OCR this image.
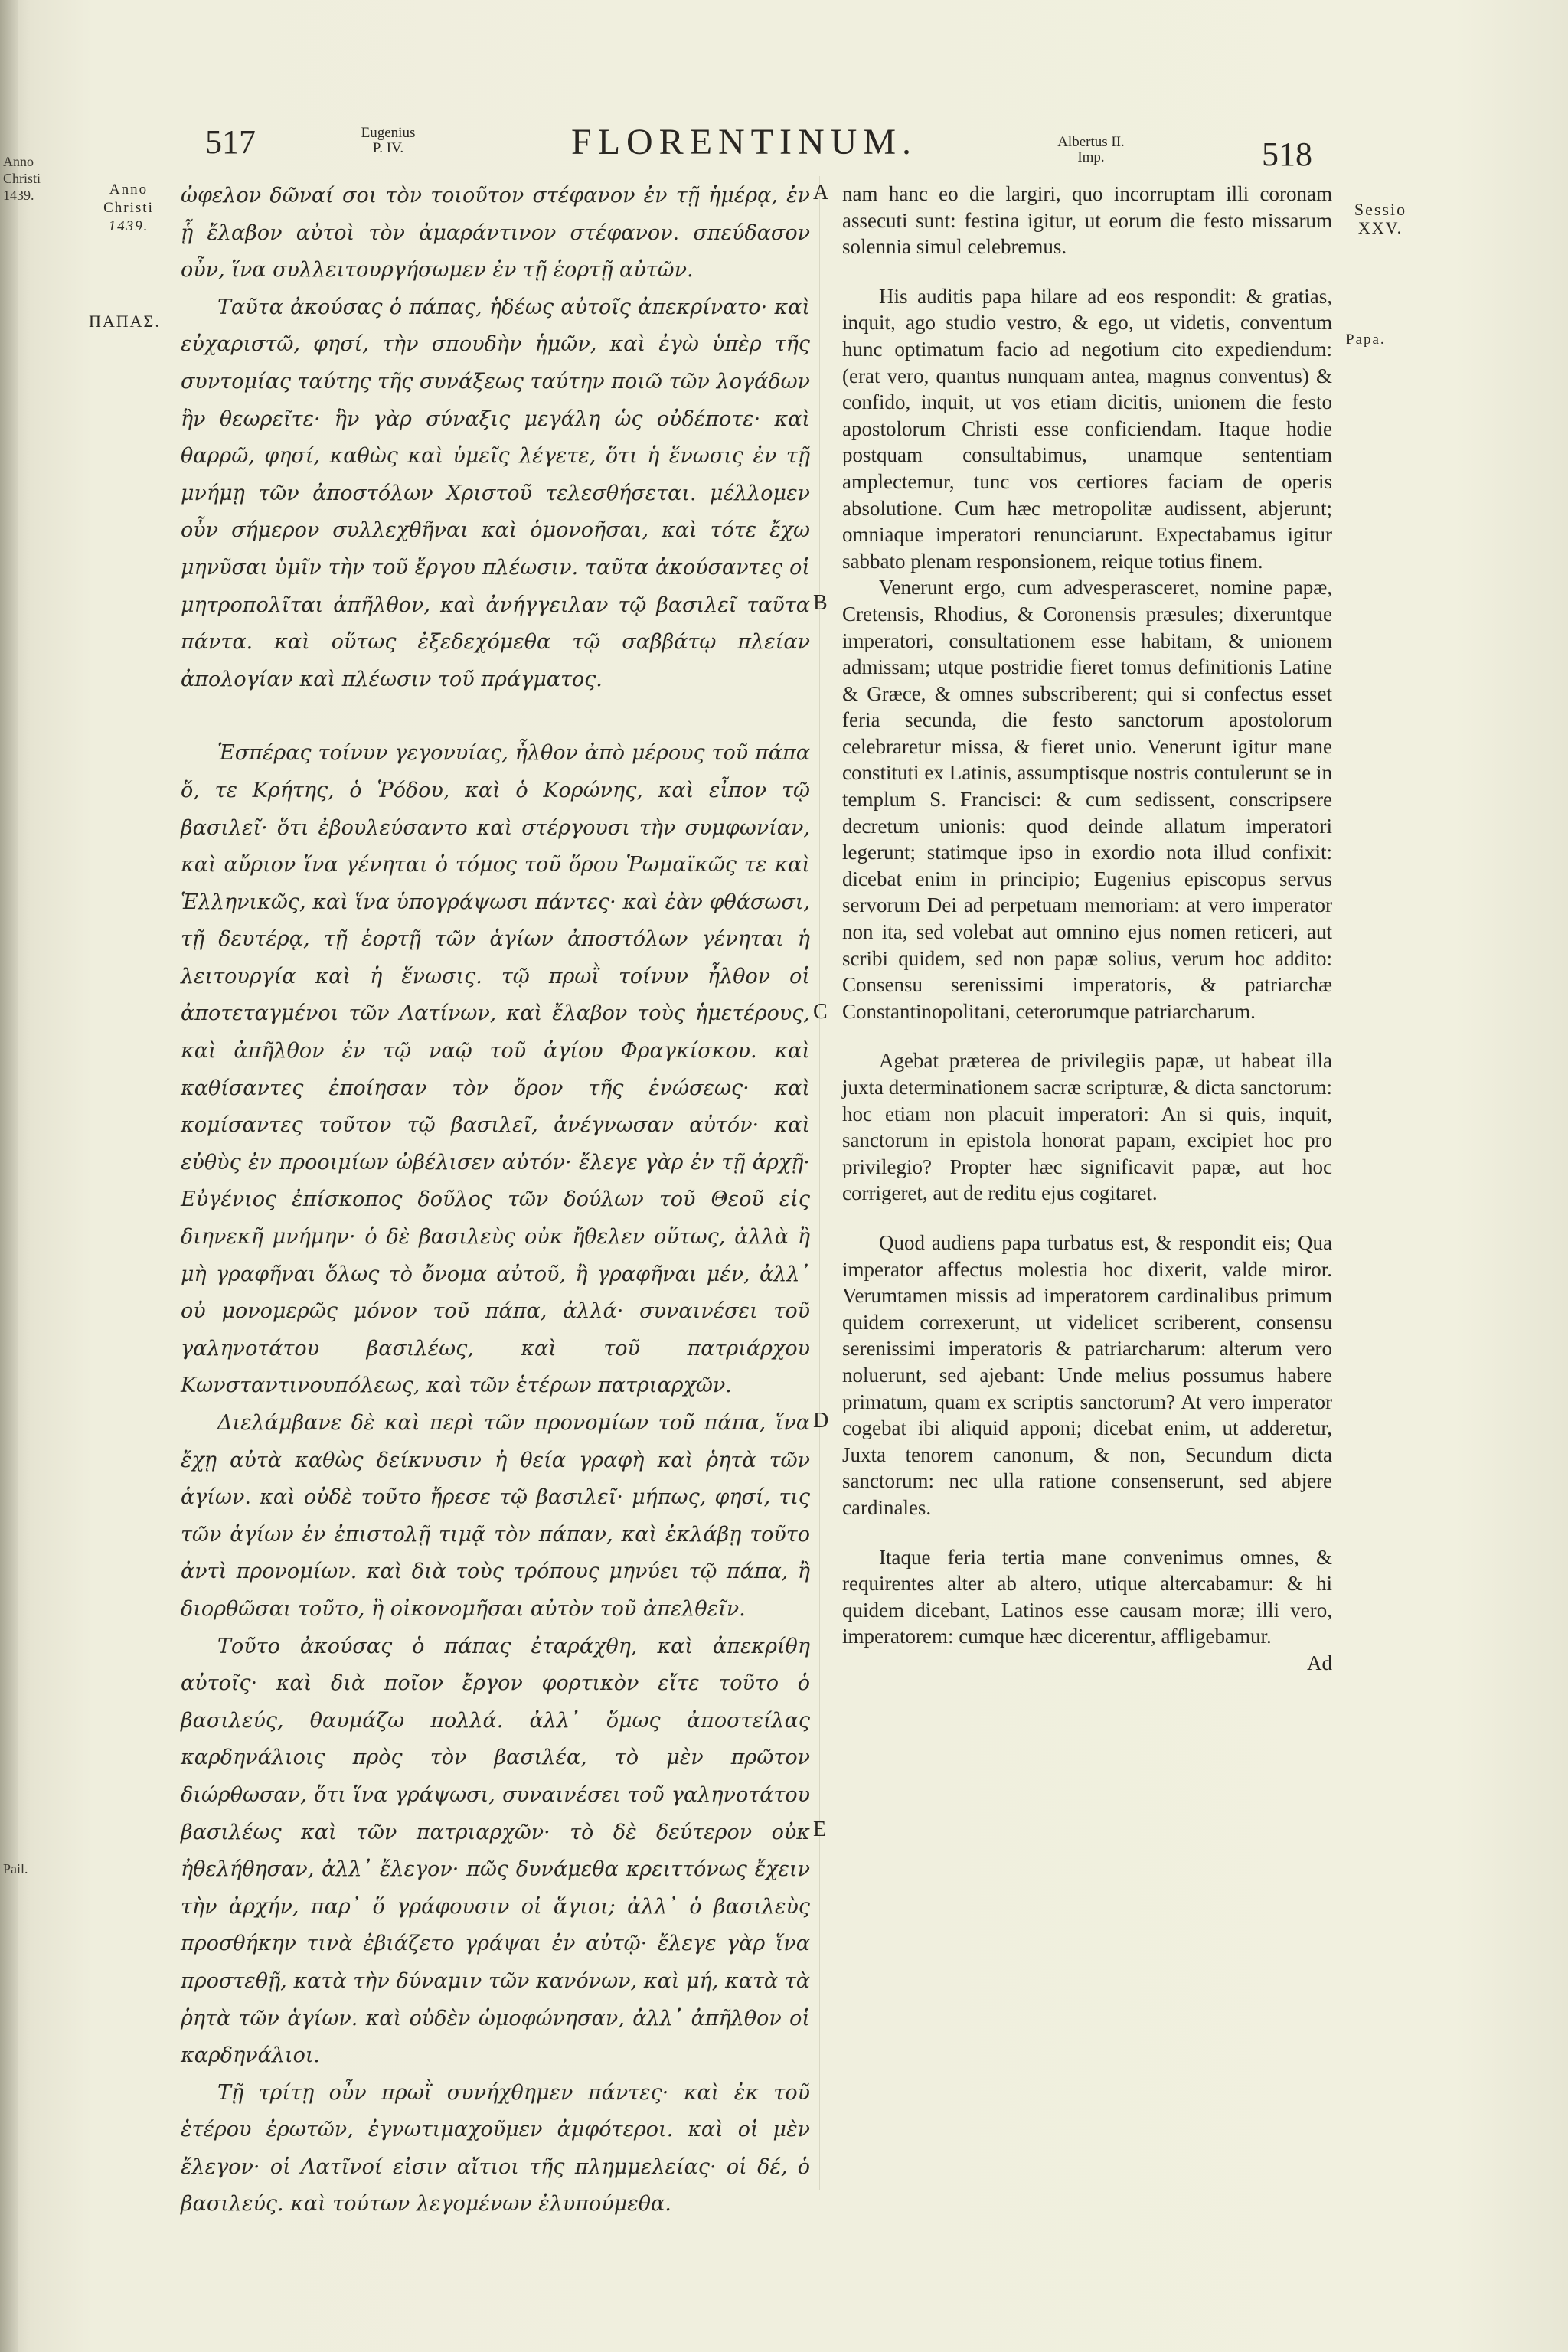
Anno
Christi
1439.
Pail.
517	Eugenius
P. IV.	FLORENTINUM.	Albertus II.
Imp.	518
Anno
Christi
1439.
ΠΑΠΑΣ.
Sessio
XXV.
Papa.
A
B
C
D
E

ὠφελον δῶναί σοι τὸν τοιοῦτον στέφανον ἐν τῇ ἡμέρᾳ, ἐν ᾗ ἔλαβον αὐτοὶ τὸν ἀμαράντινον στέφανον. σπεύδασον οὖν, ἵνα συλλειτουργήσωμεν ἐν τῇ ἑορτῇ αὐτῶν.

Ταῦτα ἀκούσας ὁ πάπας, ἡδέως αὐτοῖς ἀπεκρίνατο· καὶ εὐχαριστῶ, φησί, τὴν σπουδὴν ἡμῶν, καὶ ἐγὼ ὑπὲρ τῆς συντομίας ταύτης τῆς συνάξεως ταύτην ποιῶ τῶν λογάδων ἣν θεωρεῖτε· ἣν γὰρ σύναξις μεγάλη ὡς οὐδέποτε· καὶ θαρρῶ, φησί, καθὼς καὶ ὑμεῖς λέγετε, ὅτι ἡ ἕνωσις ἐν τῇ μνήμῃ τῶν ἀποστόλων Χριστοῦ τελεσθήσεται. μέλλομεν οὖν σήμερον συλλεχθῆναι καὶ ὁμονοῆσαι, καὶ τότε ἔχω μηνῦσαι ὑμῖν τὴν τοῦ ἔργου πλέωσιν. ταῦτα ἀκούσαντες οἱ μητροπολῖται ἀπῆλθον, καὶ ἀνήγγειλαν τῷ βασιλεῖ ταῦτα πάντα. καὶ οὕτως ἐξεδεχόμεθα τῷ σαββάτῳ πλείαν ἀπολογίαν καὶ πλέωσιν τοῦ πράγματος.

Ἑσπέρας τοίνυν γεγονυίας, ἦλθον ἀπὸ μέρους τοῦ πάπα ὅ, τε Κρήτης, ὁ Ῥόδου, καὶ ὁ Κορώνης, καὶ εἶπον τῷ βασιλεῖ· ὅτι ἐβουλεύσαντο καὶ στέργουσι τὴν συμφωνίαν, καὶ αὔριον ἵνα γένηται ὁ τόμος τοῦ ὅρου Ῥωμαϊκῶς τε καὶ Ἑλληνικῶς, καὶ ἵνα ὑπογράψωσι πάντες· καὶ ἐὰν φθάσωσι, τῇ δευτέρᾳ, τῇ ἑορτῇ τῶν ἁγίων ἀποστόλων γένηται ἡ λειτουργία καὶ ἡ ἕνωσις. τῷ πρωῒ τοίνυν ἦλθον οἱ ἀποτεταγμένοι τῶν Λατίνων, καὶ ἔλαβον τοὺς ἡμετέρους, καὶ ἀπῆλθον ἐν τῷ ναῷ τοῦ ἁγίου Φραγκίσκου. καὶ καθίσαντες ἐποίησαν τὸν ὅρον τῆς ἑνώσεως· καὶ κομίσαντες τοῦτον τῷ βασιλεῖ, ἀνέγνωσαν αὐτόν· καὶ εὐθὺς ἐν προοιμίων ὠβέλισεν αὐτόν· ἔλεγε γὰρ ἐν τῇ ἀρχῇ· Εὐγένιος ἐπίσκοπος δοῦλος τῶν δούλων τοῦ Θεοῦ εἰς διηνεκῆ μνήμην· ὁ δὲ βασιλεὺς οὐκ ἤθελεν οὕτως, ἀλλὰ ἢ μὴ γραφῆναι ὅλως τὸ ὄνομα αὐτοῦ, ἢ γραφῆναι μέν, ἀλλ᾽ οὐ μονομερῶς μόνον τοῦ πάπα, ἀλλά· συναινέσει τοῦ γαληνοτάτου βασιλέως, καὶ τοῦ πατριάρχου Κωνσταντινουπόλεως, καὶ τῶν ἑτέρων πατριαρχῶν.

Διελάμβανε δὲ καὶ περὶ τῶν προνομίων τοῦ πάπα, ἵνα ἔχῃ αὐτὰ καθὼς δείκνυσιν ἡ θεία γραφὴ καὶ ῥητὰ τῶν ἁγίων. καὶ οὐδὲ τοῦτο ἤρεσε τῷ βασιλεῖ· μήπως, φησί, τις τῶν ἁγίων ἐν ἐπιστολῇ τιμᾷ τὸν πάπαν, καὶ ἐκλάβῃ τοῦτο ἀντὶ προνομίων. καὶ διὰ τοὺς τρόπους μηνύει τῷ πάπα, ἢ διορθῶσαι τοῦτο, ἢ οἰκονομῆσαι αὐτὸν τοῦ ἀπελθεῖν.

Τοῦτο ἀκούσας ὁ πάπας ἐταράχθη, καὶ ἀπεκρίθη αὐτοῖς· καὶ διὰ ποῖον ἔργον φορτικὸν εἴτε τοῦτο ὁ βασιλεύς, θαυμάζω πολλά. ἀλλ᾽ ὅμως ἀποστείλας καρδηνάλιοις πρὸς τὸν βασιλέα, τὸ μὲν πρῶτον διώρθωσαν, ὅτι ἵνα γράψωσι, συναινέσει τοῦ γαληνοτάτου βασιλέως καὶ τῶν πατριαρχῶν· τὸ δὲ δεύτερον οὐκ ἠθελήθησαν, ἀλλ᾽ ἔλεγον· πῶς δυνάμεθα κρειττόνως ἔχειν τὴν ἀρχήν, παρ᾽ ὅ γράφουσιν οἱ ἅγιοι; ἀλλ᾽ ὁ βασιλεὺς προσθήκην τινὰ ἐβιάζετο γράψαι ἐν αὐτῷ· ἔλεγε γὰρ ἵνα προστεθῇ, κατὰ τὴν δύναμιν τῶν κανόνων, καὶ μή, κατὰ τὰ ῥητὰ τῶν ἁγίων. καὶ οὐδὲν ὡμοφώνησαν, ἀλλ᾽ ἀπῆλθον οἱ καρδηνάλιοι.

Τῇ τρίτῃ οὖν πρωῒ συνήχθημεν πάντες· καὶ ἐκ τοῦ ἑτέρου ἐρωτῶν, ἐγνωτιμαχοῦμεν ἀμφότεροι. καὶ οἱ μὲν ἔλεγον· οἱ Λατῖνοί εἰσιν αἴτιοι τῆς πλημμελείας· οἱ δέ, ὁ βασιλεύς. καὶ τούτων λεγομένων ἐλυπούμεθα.

nam hanc eo die largiri, quo incorruptam illi coronam assecuti sunt: festina igitur, ut eorum die festo missarum solennia simul celebremus.

His auditis papa hilare ad eos respondit: & gratias, inquit, ago studio vestro, & ego, ut videtis, conventum hunc optimatum facio ad negotium cito expediendum: (erat vero, quantus nunquam antea, magnus conventus) & confido, inquit, ut vos etiam dicitis, unionem die festo apostolorum Christi esse conficiendam. Itaque hodie postquam consultabimus, unamque sententiam amplectemur, tunc vos certiores faciam de operis absolutione. Cum hæc metropolitæ audissent, abjerunt; omniaque imperatori renunciarunt. Expectabamus igitur sabbato plenam responsionem, reique totius finem.

Venerunt ergo, cum advesperasceret, nomine papæ, Cretensis, Rhodius, & Coronensis præsules; dixeruntque imperatori, consultationem esse habitam, & unionem admissam; utque postridie fieret tomus definitionis Latine & Græce, & omnes subscriberent; qui si confectus esset feria secunda, die festo sanctorum apostolorum celebraretur missa, & fieret unio. Venerunt igitur mane constituti ex Latinis, assumptisque nostris contulerunt se in templum S. Francisci: & cum sedissent, conscripsere decretum unionis: quod deinde allatum imperatori legerunt; statimque ipso in exordio nota illud confixit: dicebat enim in principio; Eugenius episcopus servus servorum Dei ad perpetuam memoriam: at vero imperator non ita, sed volebat aut omnino ejus nomen reticeri, aut scribi quidem, sed non papæ solius, verum hoc addito: Consensu serenissimi imperatoris, & patriarchæ Constantinopolitani, ceterorumque patriarcharum.

Agebat præterea de privilegiis papæ, ut habeat illa juxta determinationem sacræ scripturæ, & dicta sanctorum: hoc etiam non placuit imperatori: An si quis, inquit, sanctorum in epistola honorat papam, excipiet hoc pro privilegio? Propter hæc significavit papæ, aut hoc corrigeret, aut de reditu ejus cogitaret.

Quod audiens papa turbatus est, & respondit eis; Qua imperator affectus molestia hoc dixerit, valde miror. Verumtamen missis ad imperatorem cardinalibus primum quidem correxerunt, ut videlicet scriberent, consensu serenissimi imperatoris & patriarcharum: alterum vero noluerunt, sed ajebant: Unde melius possumus habere primatum, quam ex scriptis sanctorum? At vero imperator cogebat ibi aliquid apponi; dicebat enim, ut adderetur, Juxta tenorem canonum, & non, Secundum dicta sanctorum: nec ulla ratione consenserunt, sed abjere cardinales.

Itaque feria tertia mane convenimus omnes, & requirentes alter ab altero, utique altercabamur: & hi quidem dicebant, Latinos esse causam moræ; illi vero, imperatorem: cumque hæc dicerentur, affligebamur.

Ad
